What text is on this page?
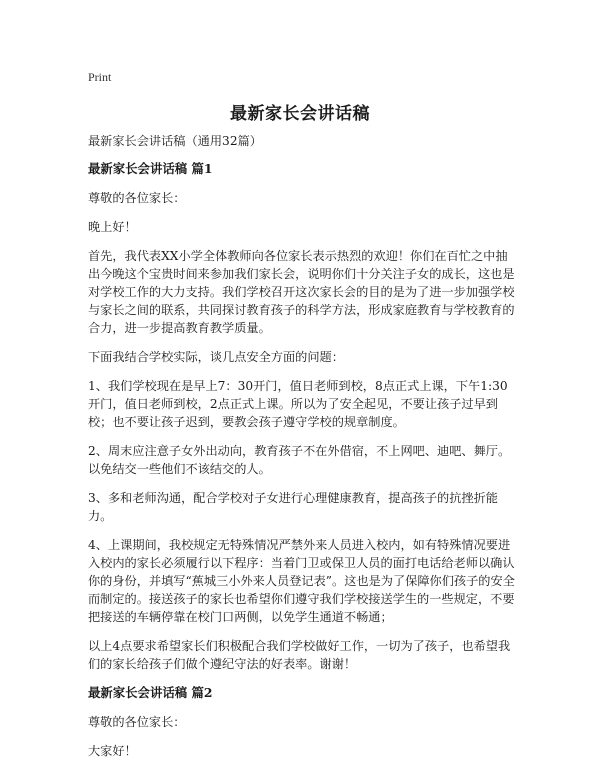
Print
最新家长会讲话稿

最新家长会讲话稿（通用32篇）

最新家长会讲话稿 篇1

尊敬的各位家长：

晚上好！

首先，我代表XX小学全体教师向各位家长表示热烈的欢迎！你们在百忙之中抽出今晚这个宝贵时间来参加我们家长会，说明你们十分关注子女的成长，这也是对学校工作的大力支持。我们学校召开这次家长会的目的是为了进一步加强学校与家长之间的联系，共同探讨教育孩子的科学方法，形成家庭教育与学校教育的合力，进一步提高教育教学质量。

下面我结合学校实际，谈几点安全方面的问题：

1、我们学校现在是早上7：30开门，值日老师到校，8点正式上课，下午1:30开门，值日老师到校，2点正式上课。所以为了安全起见，不要让孩子过早到校；也不要让孩子迟到，要教会孩子遵守学校的规章制度。

2、周末应注意子女外出动向，教育孩子不在外借宿，不上网吧、迪吧、舞厅。以免结交一些他们不该结交的人。

3、多和老师沟通，配合学校对子女进行心理健康教育，提高孩子的抗挫折能力。

4、上课期间，我校规定无特殊情况严禁外来人员进入校内，如有特殊情况要进入校内的家长必须履行以下程序：当着门卫或保卫人员的面打电话给老师以确认你的身份，并填写“蕉城三小外来人员登记表”。这也是为了保障你们孩子的安全而制定的。接送孩子的家长也希望你们遵守我们学校接送学生的一些规定，不要把接送的车辆停靠在校门口两侧，以免学生通道不畅通；

以上4点要求希望家长们积极配合我们学校做好工作，一切为了孩子，也希望我们的家长给孩子们做个遵纪守法的好表率。谢谢！

最新家长会讲话稿 篇2

尊敬的各位家长：

大家好！
